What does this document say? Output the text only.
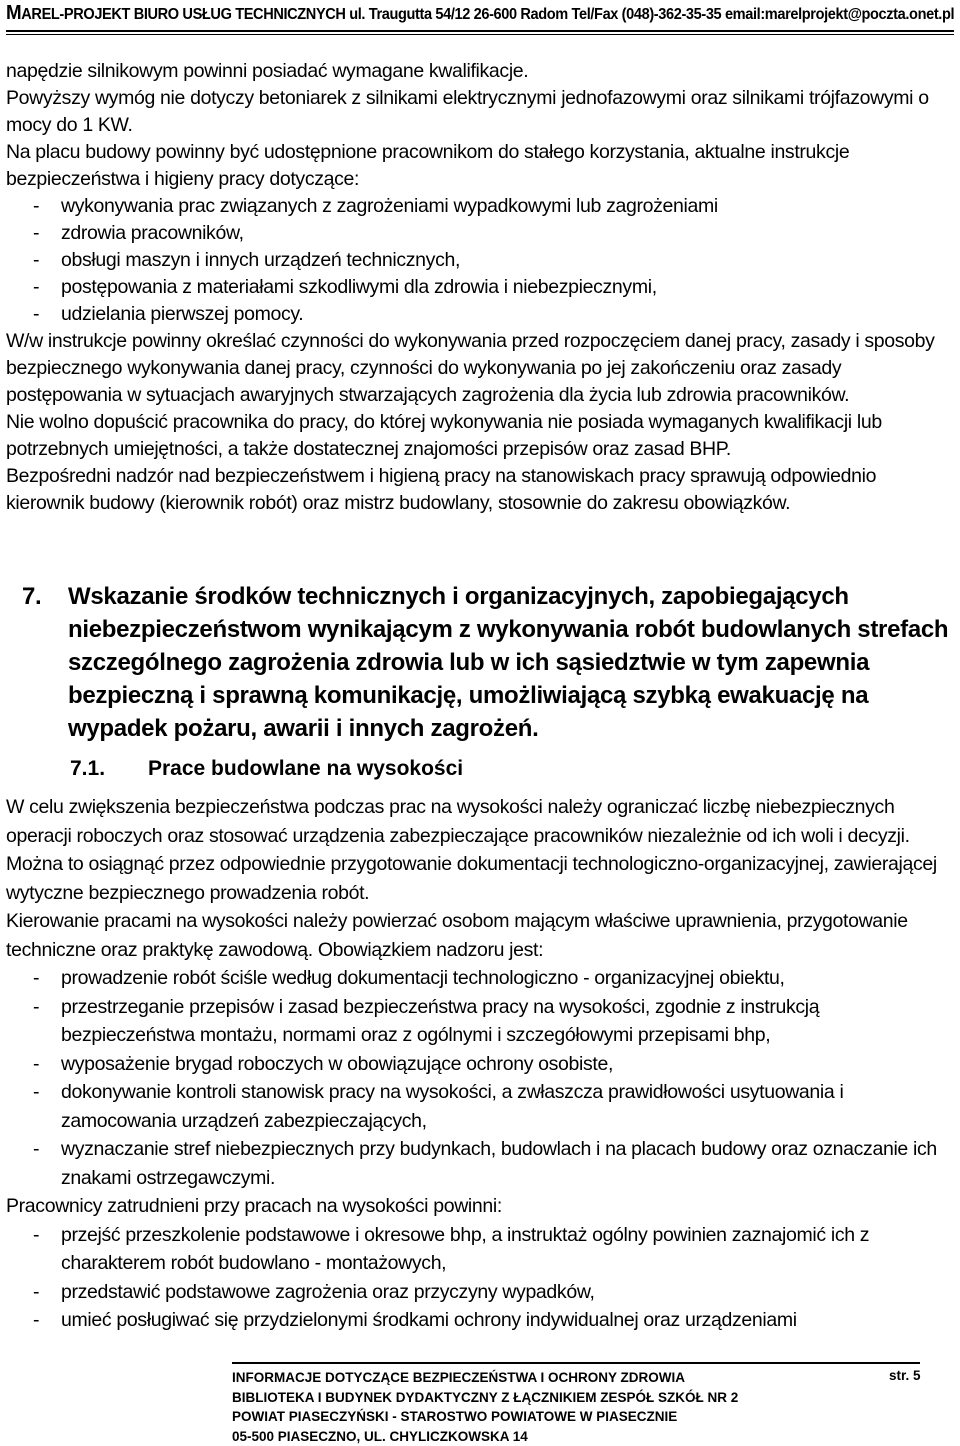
MAREL-PROJEKT BIURO USŁUG TECHNICZNYCH ul. Traugutta 54/12 26-600 Radom Tel/Fax (048)-362-35-35 email:marelprojekt@poczta.onet.pl

napędzie silnikowym powinni posiadać wymagane kwalifikacje.

Powyższy wymóg nie dotyczy betoniarek z silnikami elektrycznymi jednofazowymi oraz silnikami trójfazowymi o mocy do 1 KW.

Na placu budowy powinny być udostępnione pracownikom do stałego korzystania, aktualne instrukcje bezpieczeństwa i higieny pracy dotyczące:

- wykonywania prac związanych z zagrożeniami wypadkowymi lub zagrożeniami

- zdrowia pracowników,

- obsługi maszyn i innych urządzeń technicznych,

- postępowania z materiałami szkodliwymi dla zdrowia i niebezpiecznymi,

- udzielania pierwszej pomocy.

W/w instrukcje powinny określać czynności do wykonywania przed rozpoczęciem danej pracy, zasady i sposoby bezpiecznego wykonywania danej pracy, czynności do wykonywania po jej zakończeniu oraz zasady postępowania w sytuacjach awaryjnych stwarzających zagrożenia dla życia lub zdrowia pracowników.

Nie wolno dopuścić pracownika do pracy, do której wykonywania nie posiada wymaganych kwalifikacji lub potrzebnych umiejętności, a także dostatecznej znajomości przepisów oraz zasad BHP.

Bezpośredni nadzór nad bezpieczeństwem i higieną pracy na stanowiskach pracy sprawują odpowiednio kierownik budowy (kierownik robót) oraz mistrz budowlany, stosownie do zakresu obowiązków.

7. Wskazanie środków technicznych i organizacyjnych, zapobiegających niebezpieczeństwom wynikającym z wykonywania robót budowlanych strefach szczególnego zagrożenia zdrowia lub w ich sąsiedztwie w tym zapewnia bezpieczną i sprawną komunikację, umożliwiającą szybką ewakuację na wypadek pożaru, awarii i innych zagrożeń.
7.1. Prace budowlane na wysokości

W celu zwiększenia bezpieczeństwa podczas prac na wysokości należy ograniczać liczbę niebezpiecznych operacji roboczych oraz stosować urządzenia zabezpieczające pracowników niezależnie od ich woli i decyzji. Można to osiągnąć przez odpowiednie przygotowanie dokumentacji technologiczno-organizacyjnej, zawierającej wytyczne bezpiecznego prowadzenia robót.

Kierowanie pracami na wysokości należy powierzać osobom mającym właściwe uprawnienia, przygotowanie techniczne oraz praktykę zawodową. Obowiązkiem nadzoru jest:

- prowadzenie robót ściśle według dokumentacji technologiczno - organizacyjnej obiektu,

- przestrzeganie przepisów i zasad bezpieczeństwa pracy na wysokości, zgodnie z instrukcją bezpieczeństwa montażu, normami oraz z ogólnymi i szczegółowymi przepisami bhp,

- wyposażenie brygad roboczych w obowiązujące ochrony osobiste,

- dokonywanie kontroli stanowisk pracy na wysokości, a zwłaszcza prawidłowości usytuowania i zamocowania urządzeń zabezpieczających,

- wyznaczanie stref niebezpiecznych przy budynkach, budowlach i na placach budowy oraz oznaczanie ich znakami ostrzegawczymi.

Pracownicy zatrudnieni przy pracach na wysokości powinni:

- przejść przeszkolenie podstawowe i okresowe bhp, a instruktaż ogólny powinien zaznajomić ich z charakterem robót budowlano - montażowych,

- przedstawić podstawowe zagrożenia oraz przyczyny wypadków,

- umieć posługiwać się przydzielonymi środkami ochrony indywidualnej oraz urządzeniami

INFORMACJE DOTYCZĄCE BEZPIECZEŃSTWA I OCHRONY ZDROWIA
BIBLIOTEKA I BUDYNEK DYDAKTYCZNY Z ŁĄCZNIKIEM ZESPÓŁ SZKÓŁ NR 2
POWIAT PIASECZYŃSKI - STAROSTWO POWIATOWE W PIASECZNIE
05-500 PIASECZNO, UL. CHYLICZKOWSKA 14
str. 5
